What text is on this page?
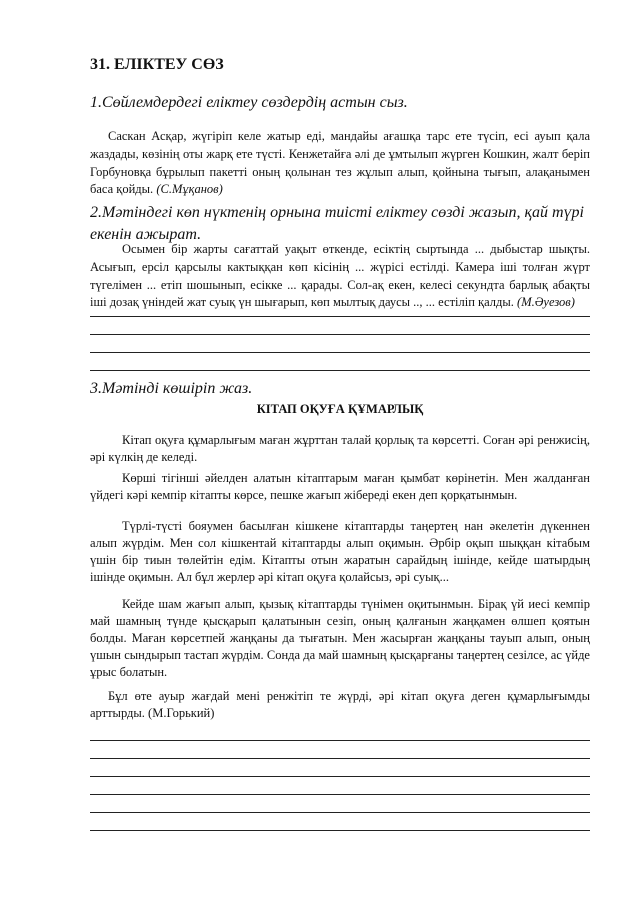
31. ЕЛІКТЕУ СӨЗ
1.Сөйлемдердегі еліктеу сөздердің астын сыз.

Саскан Асқар, жүгіріп келе жатыр еді, мандайы ағашқа тарс ете түсіп, есі ауып қала жаздады, көзінің оты жарқ ете түсті. Кенжетайға әлі де ұмтылып жүрген Кошкин, жалт беріп Горбуновқа бұрылып пакетті оның қолынан тез жұлып алып, қойнына тығып, алақанымен баса қойды. (С.Мұқанов)

2.Мәтіндегі көп нүктенің орнына тиісті еліктеу сөзді жазып, қай түрі екенін ажырат.

Осымен бір жарты сағаттай уақыт өткенде, есіктің сыртында ... дыбыстар шықты. Асығып, ерсіл қарсылы кактыққан көп кісінің ... жүрісі естілді. Камера іші толған жүрт түгелімен ... етіп шошынып, есікке ... қарады. Сол-ақ екен, келесі секундта барлық абақты іші дозақ үніндей жат суық үн шығарып, көп мылтық даусы .., ... естіліп қалды. (М.Әуезов)

3.Мәтінді көшіріп жаз.
КІТАП ОҚУҒА ҚҰМАРЛЫҚ

Кітап оқуға құмарлығым маған жұрттан талай қорлық та көрсетті. Соған әрі ренжисің, әрі күлкің де келеді.

Көрші тігінші әйелден алатын кітаптарым маған қымбат көрінетін. Мен жалданған үйдегі кәрі кемпір кітапты көрсе, пешке жағып жібереді екен деп қорқатынмын.

Түрлі-түсті бояумен басылған кішкене кітаптарды таңертең нан әкелетін дүкеннен алып жүрдім. Мен сол кішкентай кітаптарды алып оқимын. Әрбір оқып шыққан кітабым үшін бір тиын төлейтін едім. Кітапты отын жаратын сарайдың ішінде, кейде шатырдың ішінде оқимын. Ал бұл жерлер әрі кітап оқуға қолайсыз, әрі суық...

Кейде шам жағып алып, қызық кітаптарды түнімен оқитынмын. Бірақ үй иесі кемпір май шамның түнде қысқарып қалатынын сезіп, оның қалғанын жаңқамен өлшеп қоятын болды. Маған көрсетпей жаңқаны да тығатын. Мен жасырған жаңқаны тауып алып, оның үшын сындырып тастап жүрдім. Сонда да май шамның қысқарғаны таңертең сезілсе, ас үйде ұрыс болатын.

Бұл өте ауыр жағдай мені ренжітіп те жүрді, әрі кітап оқуға деген құмарлығымды арттырды. (М.Горький)
